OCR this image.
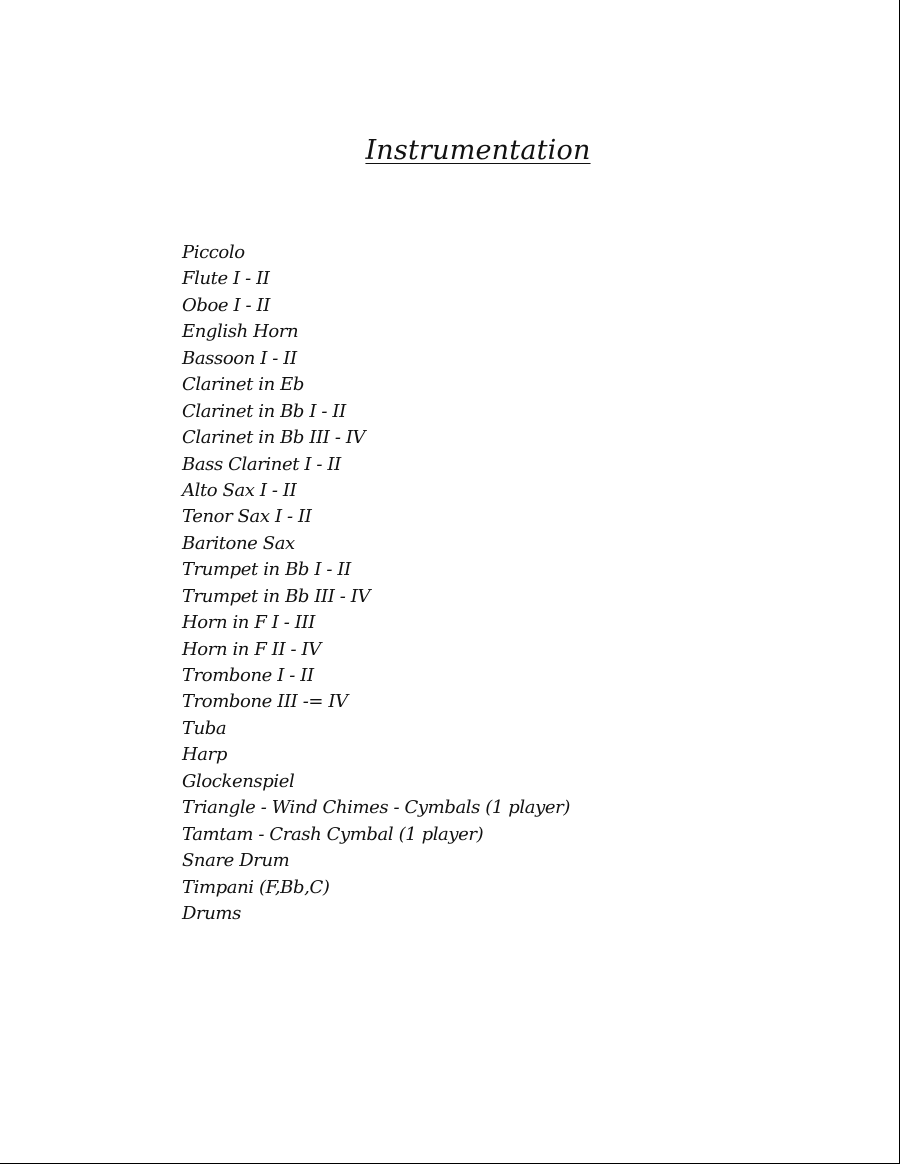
Instrumentation
Piccolo
Flute I - II
Oboe I - II
English Horn
Bassoon I - II
Clarinet in Eb
Clarinet in Bb I - II
Clarinet in Bb III - IV
Bass Clarinet I - II
Alto Sax I - II
Tenor Sax I - II
Baritone Sax
Trumpet in Bb I - II
Trumpet in Bb III - IV
Horn in F I - III
Horn in F II - IV
Trombone I - II
Trombone III -= IV
Tuba
Harp
Glockenspiel
Triangle - Wind Chimes - Cymbals (1 player)
Tamtam - Crash Cymbal (1 player)
Snare Drum
Timpani (F,Bb,C)
Drums
